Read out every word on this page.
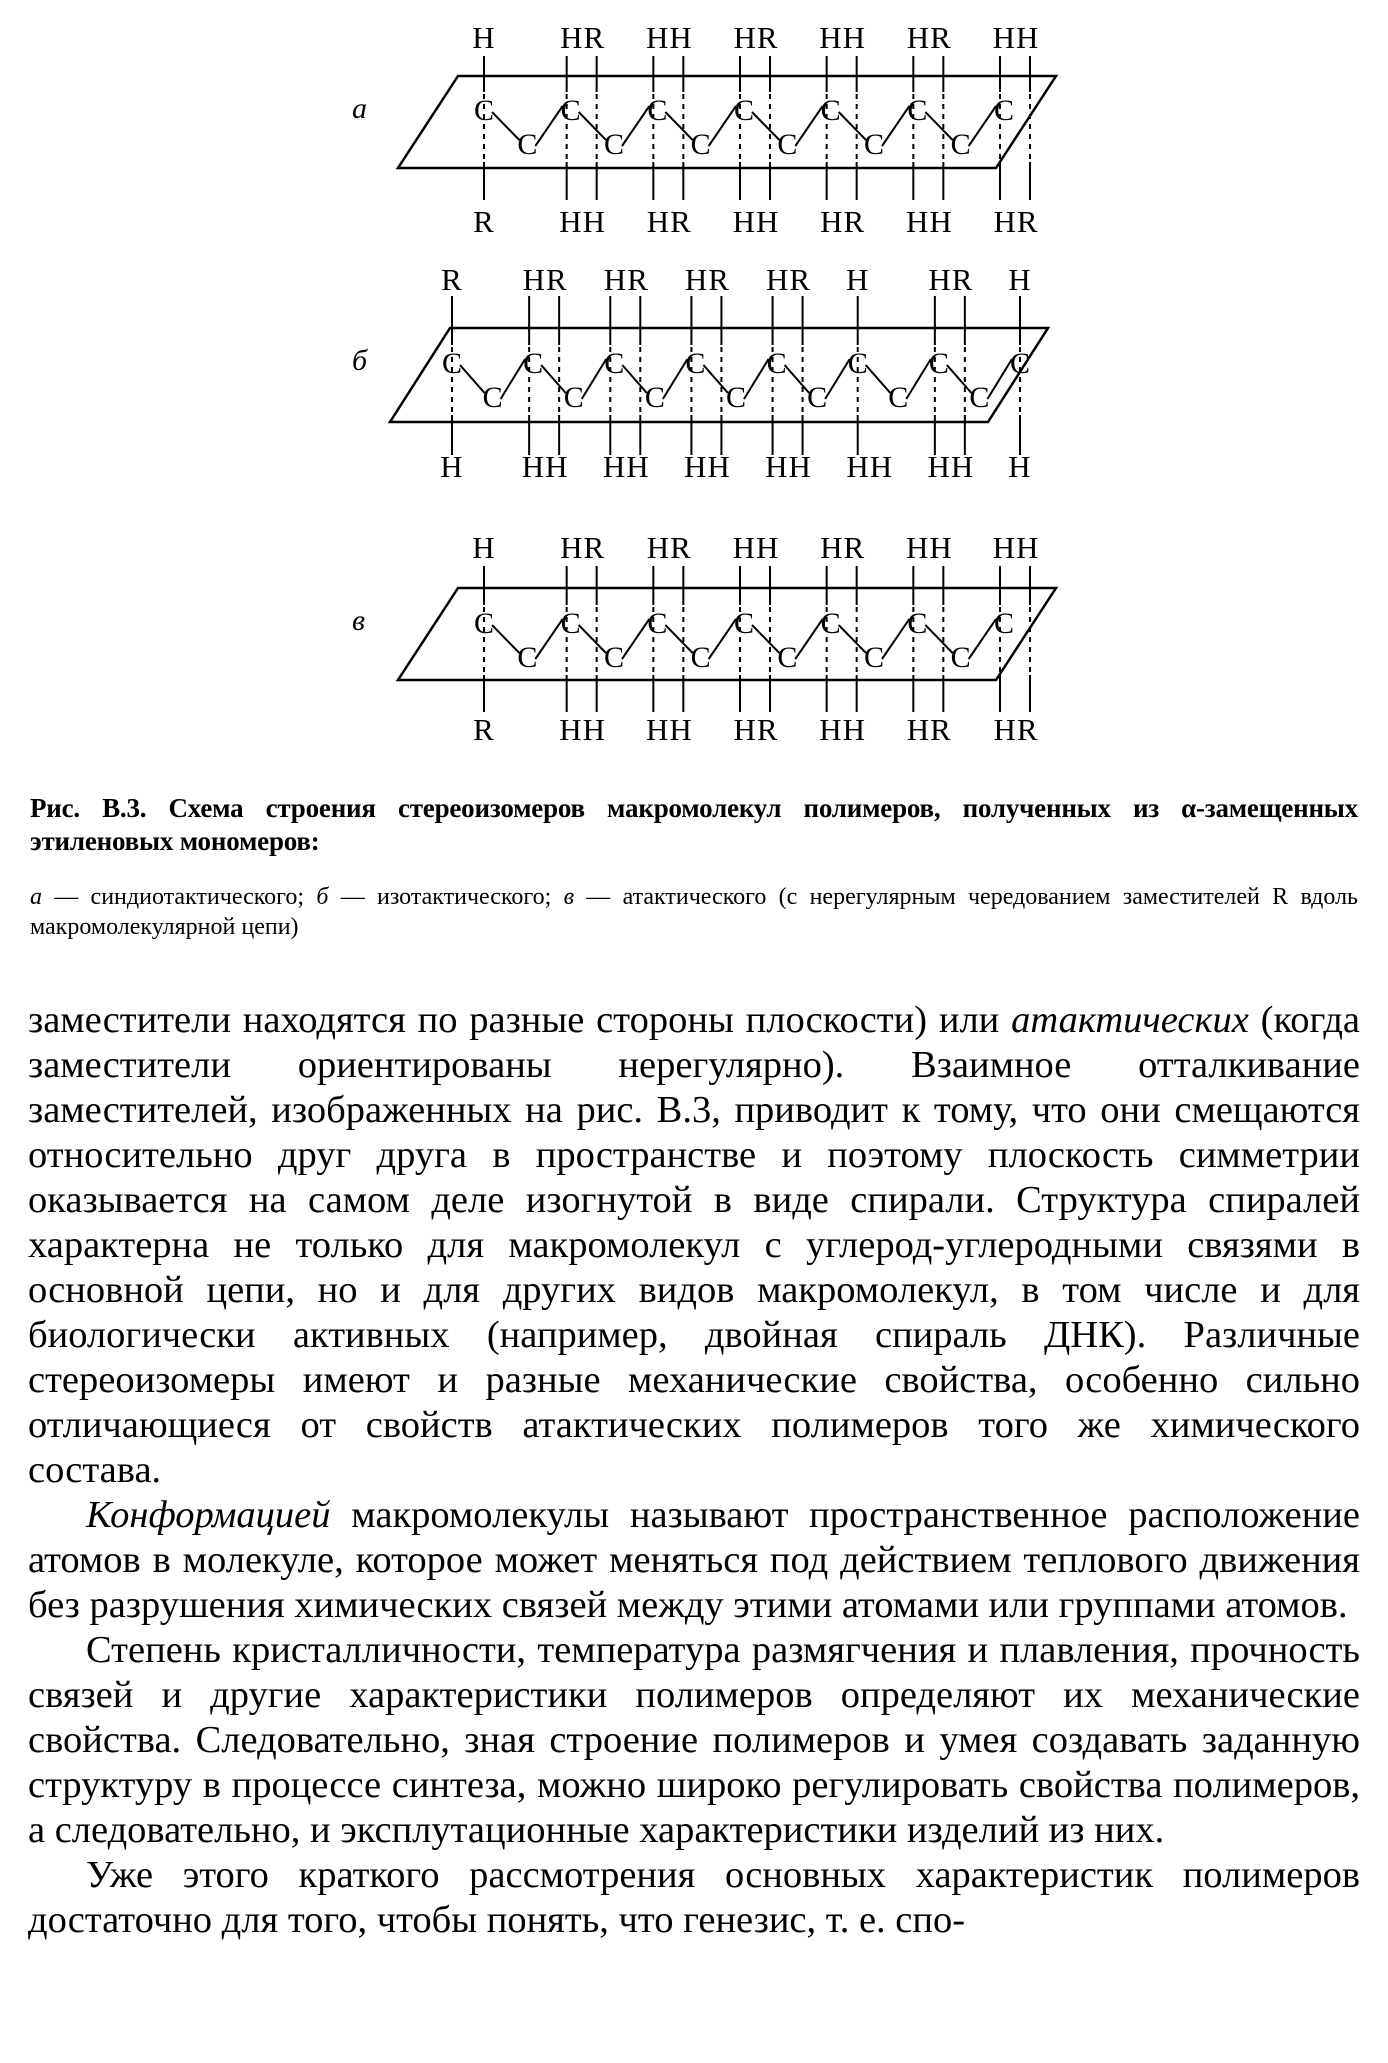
а	C
C
C
C
C
C
C
C
C
C
C
C
C
H
R
HR
HH
HH
HR
HR
HH
HH
HR
HR
HH
HH
HR
б C
C
C
C
C
C
C
C
C
C
C
C
C
C
C
R
H
HR
HH
HR
HH
HR
HH
HR
HH
H
HH
HR
HH
H
H
в	C
C
C
C
C
C
C
C
C
C
C
C
C
H
R
HR
HH
HR
HH
HH
HR
HR
HH
HH
HR
HH
HR
Рис. В.3. Схема строения стереоизомеров макромолекул полимеров, полученных из α-замещенных этиленовых мономеров:
а — синдиотактического; б — изотактического; в — атактического (с нерегулярным чередованием заместителей R вдоль макромолекулярной цепи)

заместители находятся по разные стороны плоскости) или атактических (когда заместители ориентированы нерегулярно). Взаимное отталкивание заместителей, изображенных на рис. В.3, приводит к тому, что они смещаются относительно друг друга в пространстве и поэтому плоскость симметрии оказывается на самом деле изогнутой в виде спирали. Структура спиралей характерна не только для макромолекул с углерод-углеродными связями в основной цепи, но и для других видов макромолекул, в том числе и для биологически активных (например, двойная спираль ДНК). Различные стереоизомеры имеют и разные механические свойства, особенно сильно отличающиеся от свойств атактических полимеров того же химического состава.

Конформацией макромолекулы называют пространственное расположение атомов в молекуле, которое может меняться под действием теплового движения без разрушения химических связей между этими атомами или группами атомов.

Степень кристалличности, температура размягчения и плавления, прочность связей и другие характеристики полимеров определяют их механические свойства. Следовательно, зная строение полимеров и умея создавать заданную структуру в процессе синтеза, можно широко регулировать свойства полимеров, а следовательно, и эксплутационные характеристики изделий из них.

Уже этого краткого рассмотрения основных характеристик полимеров достаточно для того, чтобы понять, что генезис, т. е. спо-
